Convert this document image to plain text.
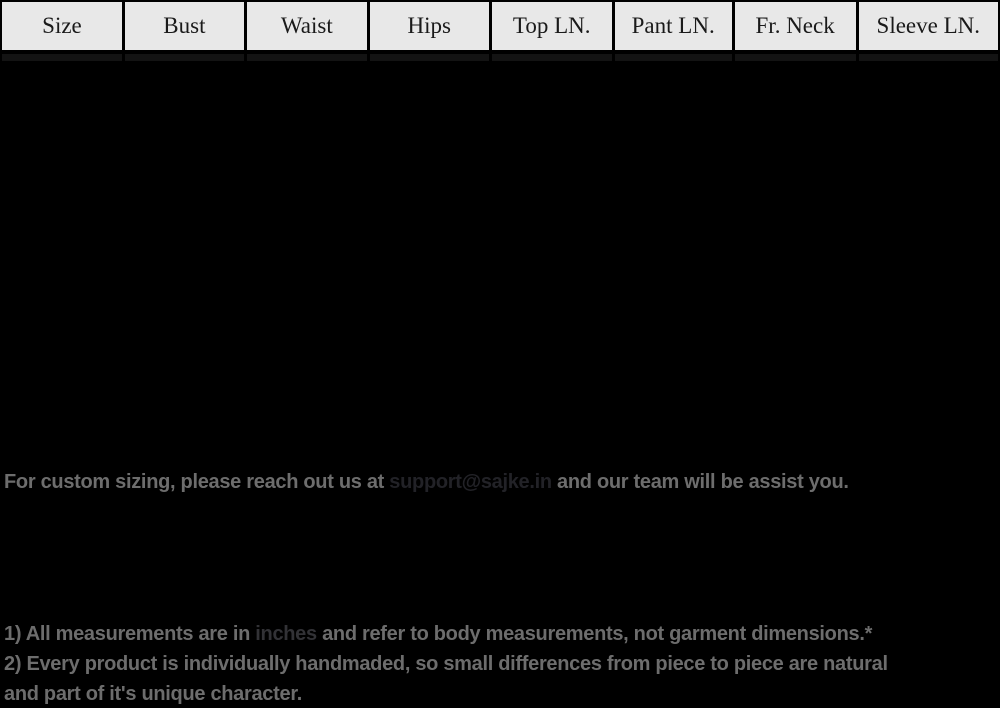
Size	Bust	Waist	Hips	Top LN.	Pant LN.	Fr. Neck	Sleeve LN.
For custom sizing, please reach out us at support@sajke.in and our team will be assist you.
1) All measurements are in inches and refer to body measurements, not garment dimensions.*
2) Every product is individually handmaded, so small differences from piece to piece are natural
and part of it's unique character.
